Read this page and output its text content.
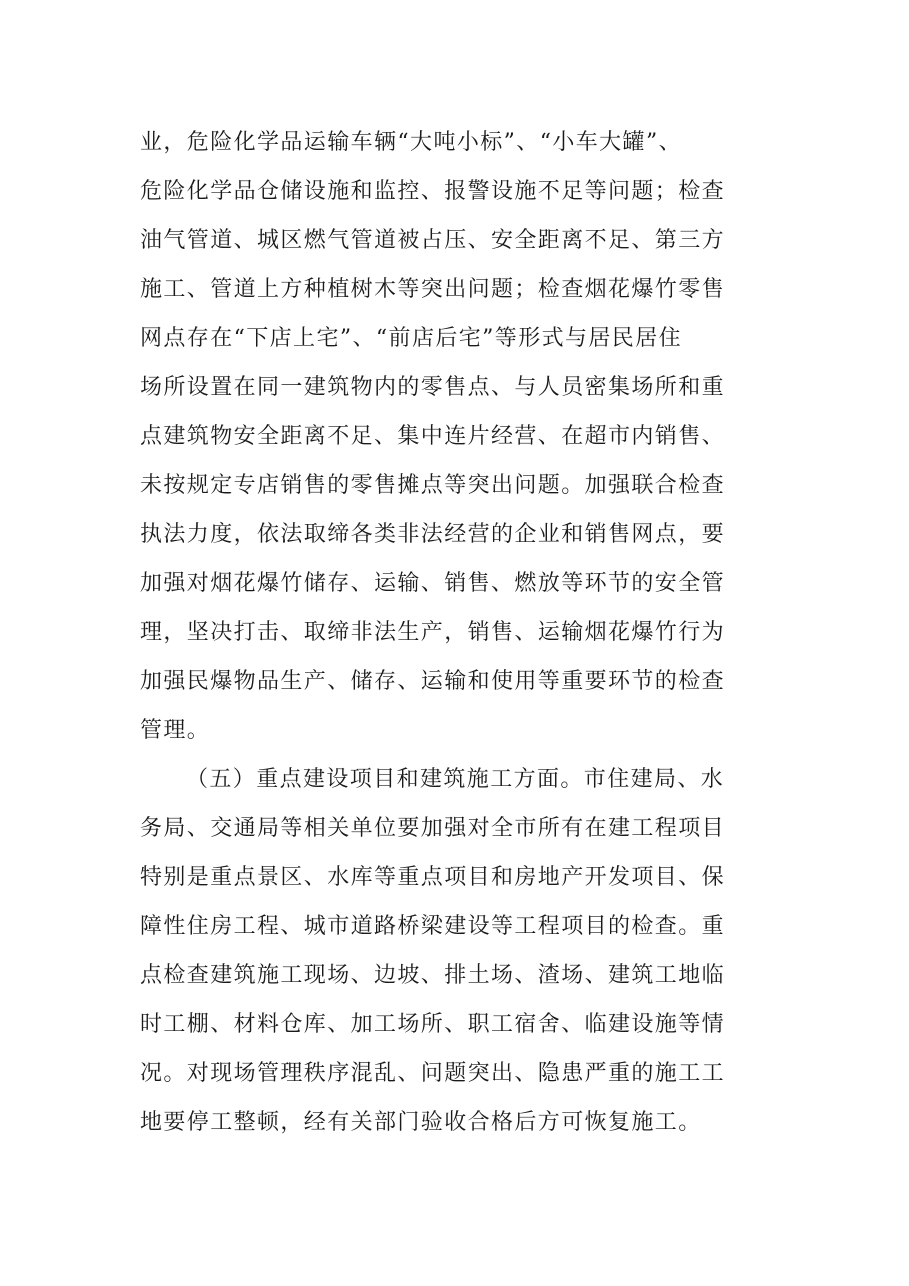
业，危险化学品运输车辆“大吨小标”、“小车大罐”、
危险化学品仓储设施和监控、报警设施不足等问题；检查
油气管道、城区燃气管道被占压、安全距离不足、第三方
施工、管道上方种植树木等突出问题；检查烟花爆竹零售
网点存在“下店上宅”、“前店后宅”等形式与居民居住
场所设置在同一建筑物内的零售点、与人员密集场所和重
点建筑物安全距离不足、集中连片经营、在超市内销售、
未按规定专店销售的零售摊点等突出问题。加强联合检查
执法力度，依法取缔各类非法经营的企业和销售网点，要
加强对烟花爆竹储存、运输、销售、燃放等环节的安全管
理，坚决打击、取缔非法生产，销售、运输烟花爆竹行为
加强民爆物品生产、储存、运输和使用等重要环节的检查
管理。
（五）重点建设项目和建筑施工方面。市住建局、水
务局、交通局等相关单位要加强对全市所有在建工程项目
特别是重点景区、水库等重点项目和房地产开发项目、保
障性住房工程、城市道路桥梁建设等工程项目的检查。重
点检查建筑施工现场、边坡、排土场、渣场、建筑工地临
时工棚、材料仓库、加工场所、职工宿舍、临建设施等情
况。对现场管理秩序混乱、问题突出、隐患严重的施工工
地要停工整顿，经有关部门验收合格后方可恢复施工。
